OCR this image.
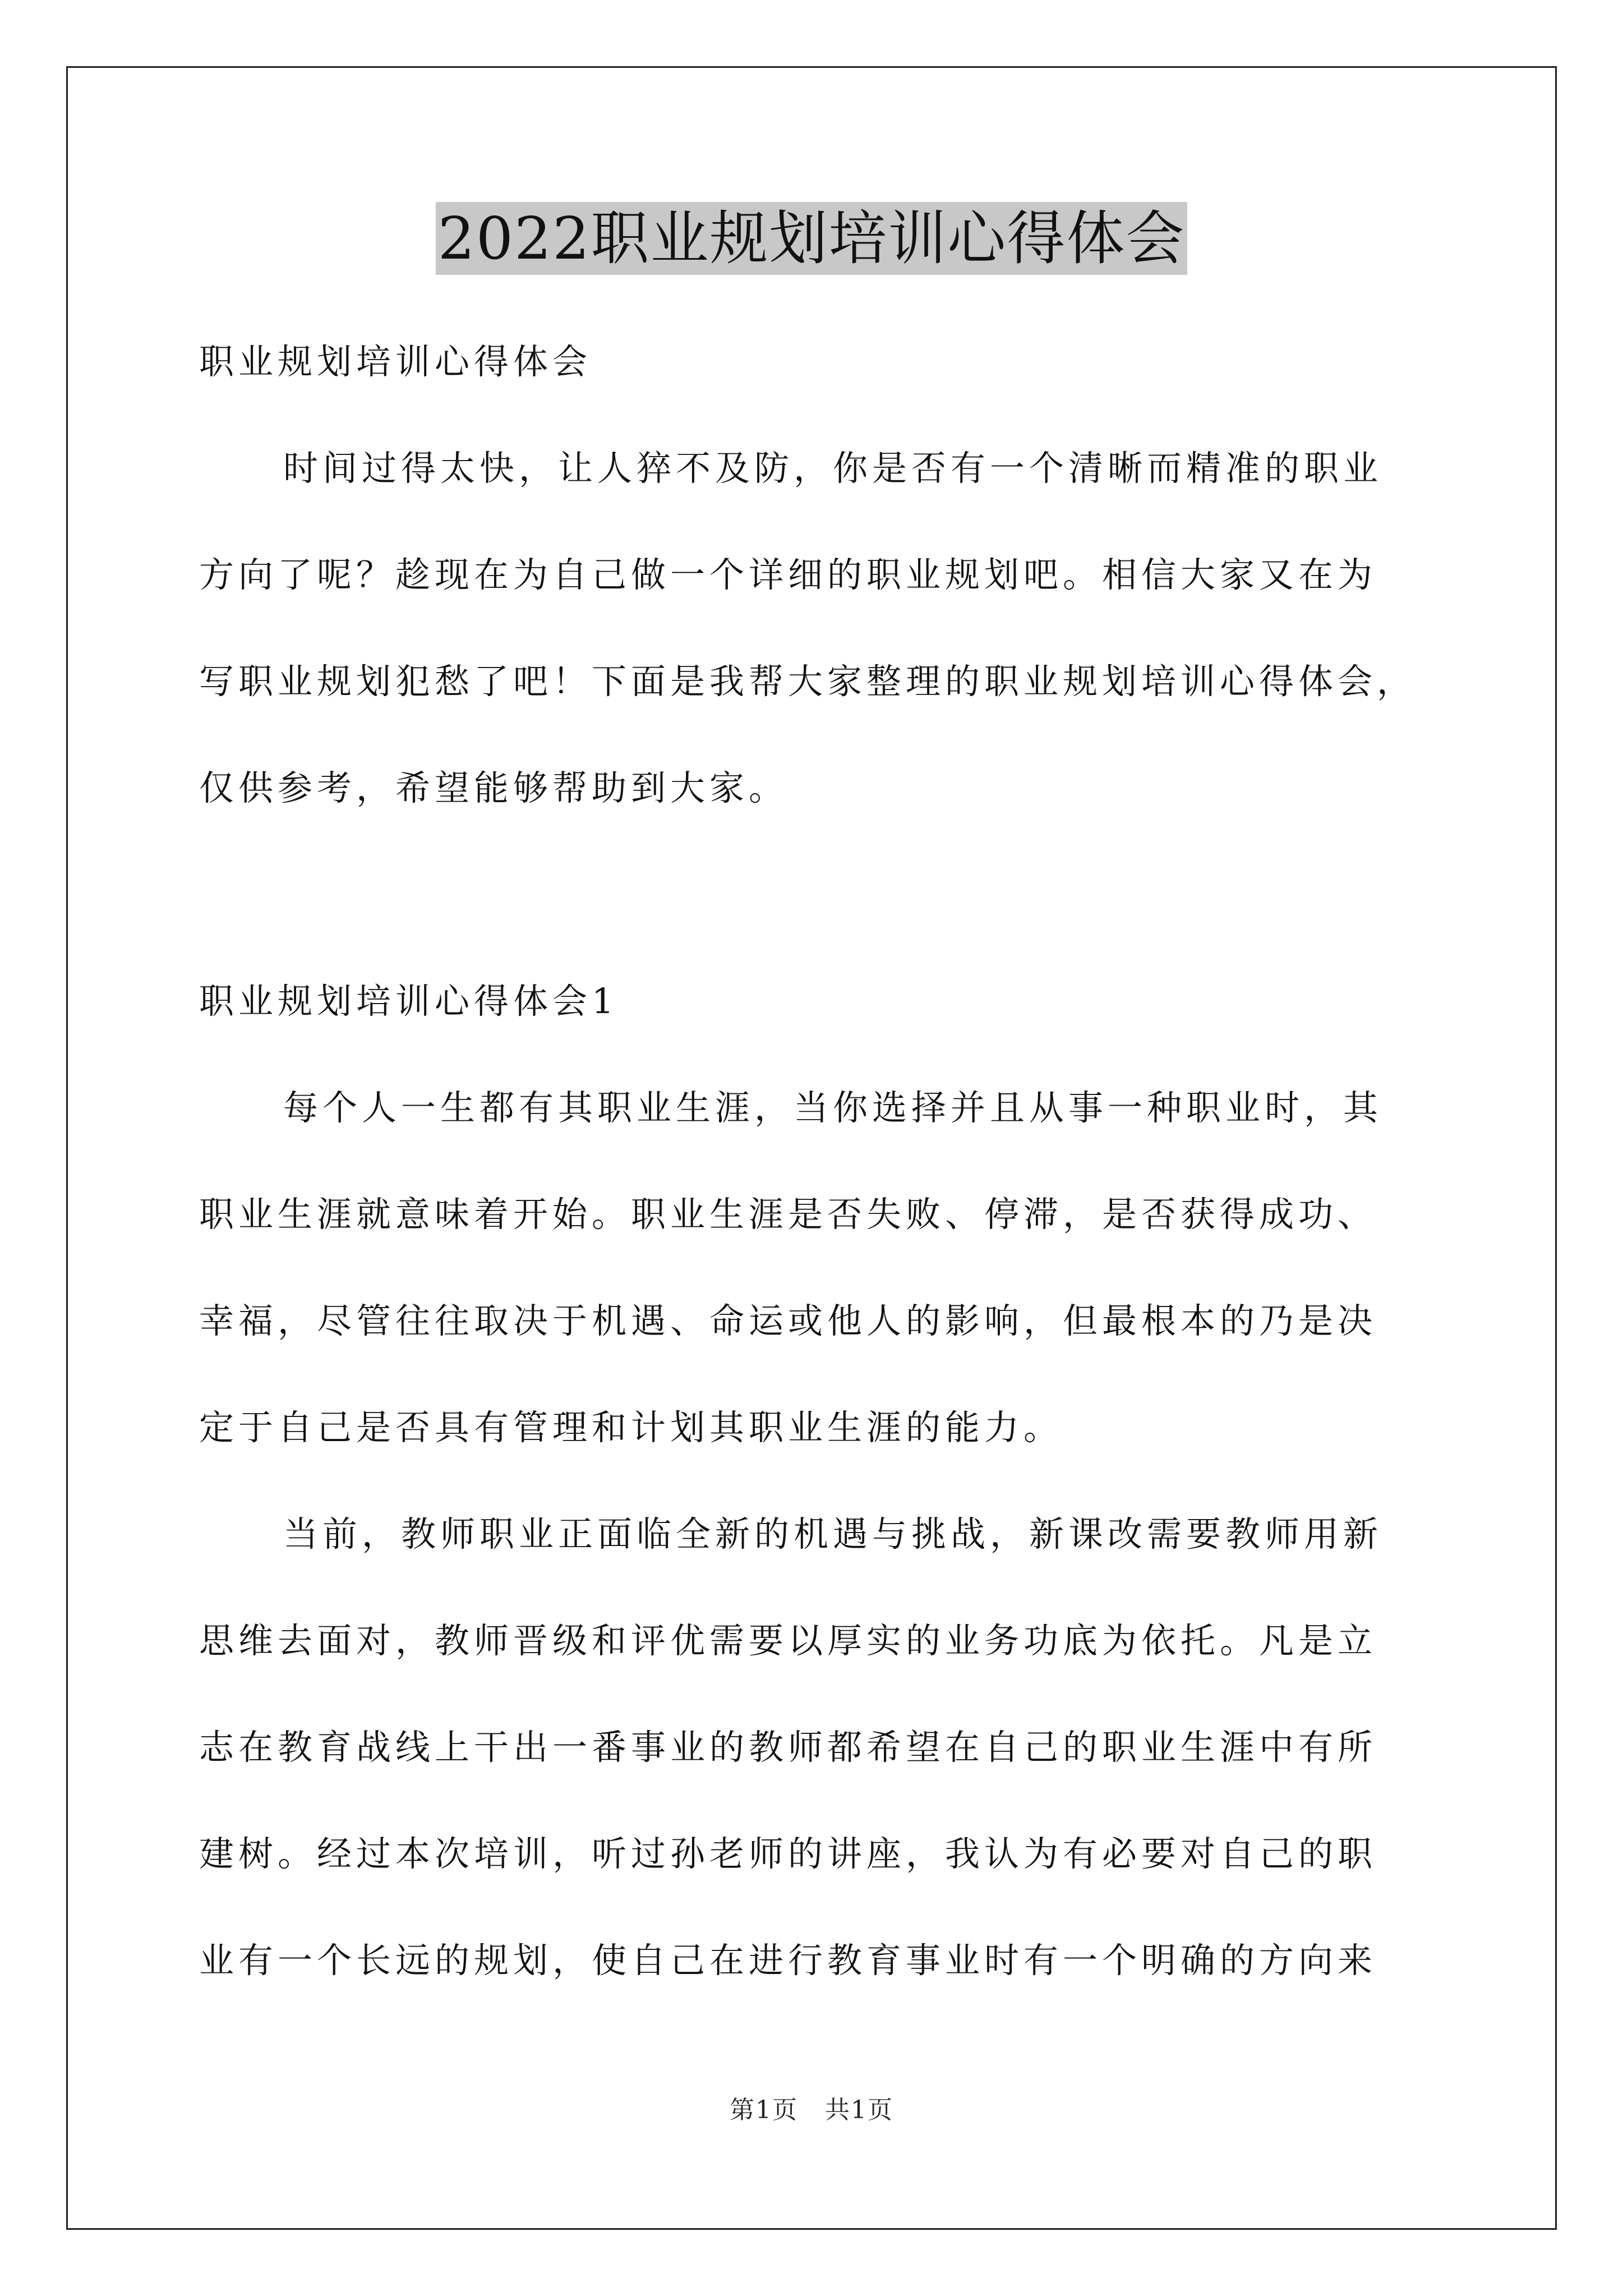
2022职业规划培训心得体会
职业规划培训心得体会
时间过得太快，让人猝不及防，你是否有一个清晰而精准的职业
方向了呢？趁现在为自己做一个详细的职业规划吧。相信大家又在为
写职业规划犯愁了吧！下面是我帮大家整理的职业规划培训心得体会，
仅供参考，希望能够帮助到大家。
职业规划培训心得体会1
每个人一生都有其职业生涯，当你选择并且从事一种职业时，其
职业生涯就意味着开始。职业生涯是否失败、停滞，是否获得成功、
幸福，尽管往往取决于机遇、命运或他人的影响，但最根本的乃是决
定于自己是否具有管理和计划其职业生涯的能力。
当前，教师职业正面临全新的机遇与挑战，新课改需要教师用新
思维去面对，教师晋级和评优需要以厚实的业务功底为依托。凡是立
志在教育战线上干出一番事业的教师都希望在自己的职业生涯中有所
建树。经过本次培训，听过孙老师的讲座，我认为有必要对自己的职
业有一个长远的规划，使自己在进行教育事业时有一个明确的方向来
第1页 共1页
